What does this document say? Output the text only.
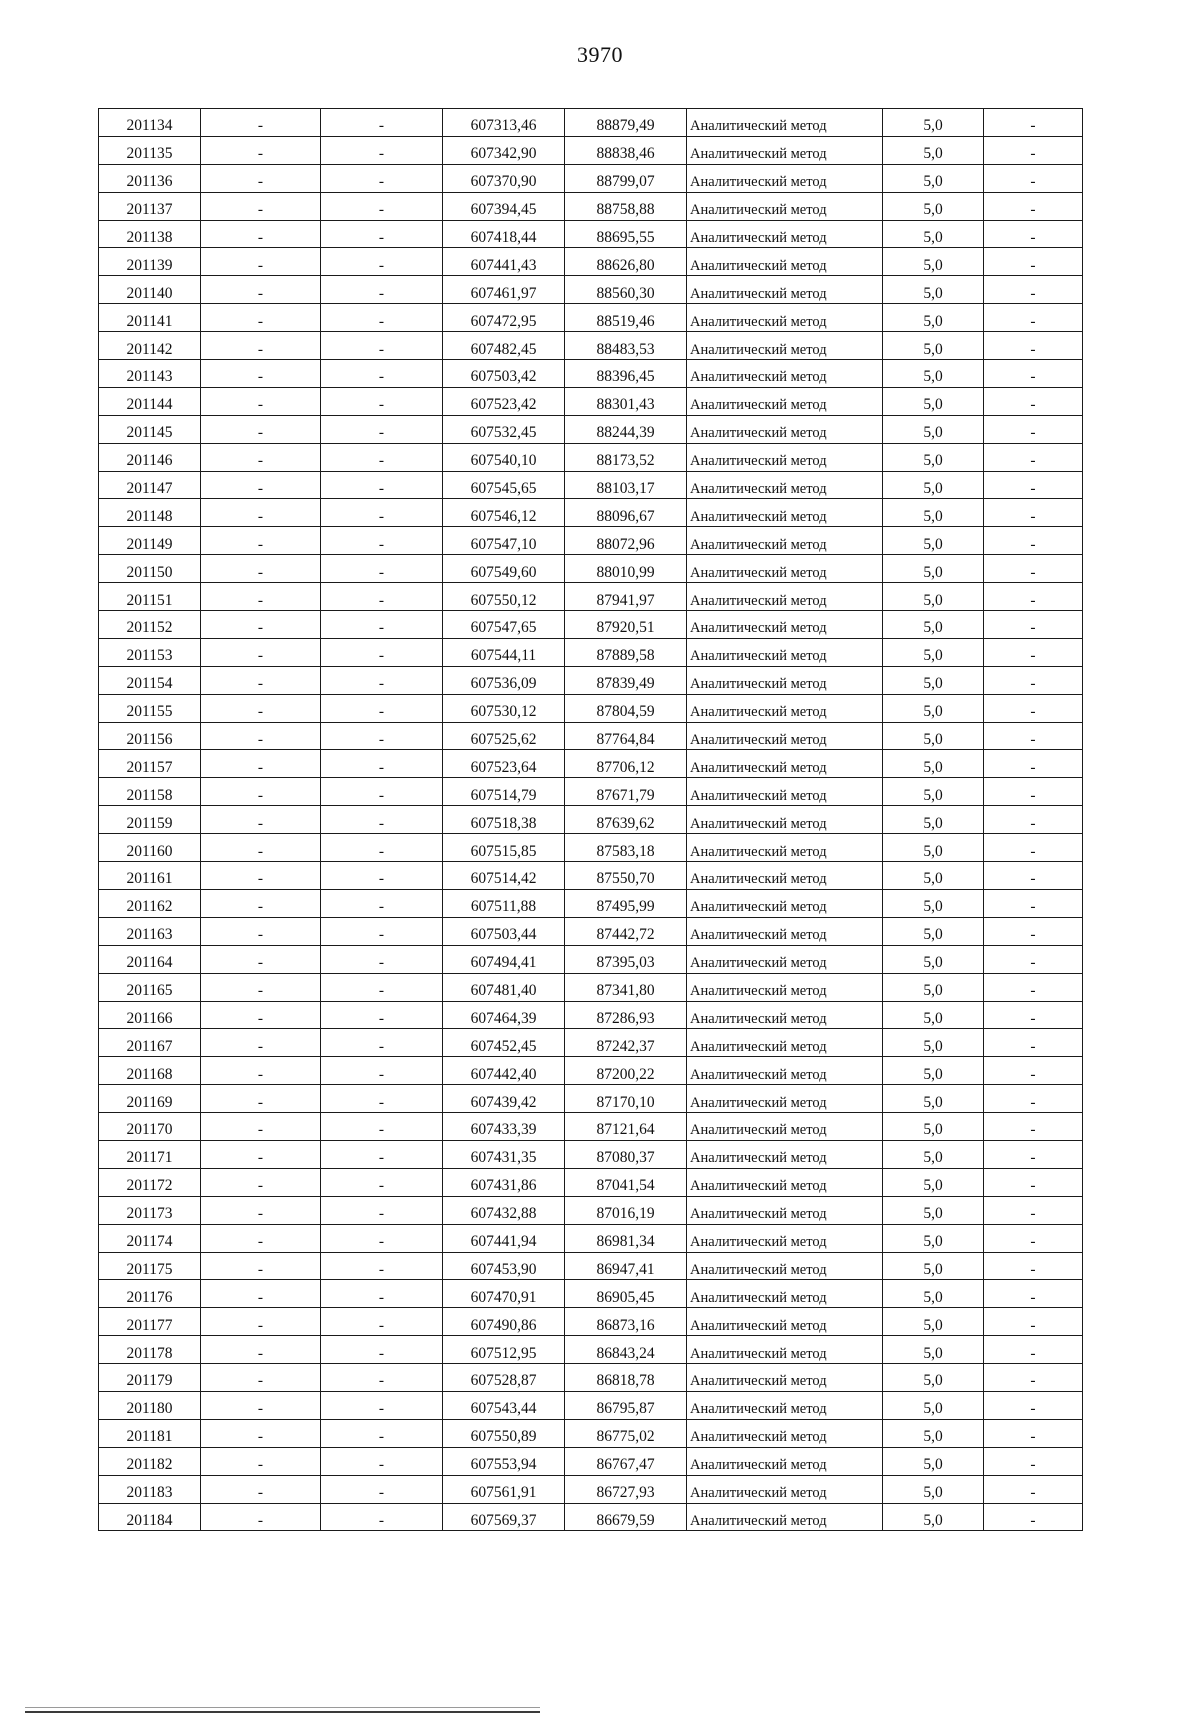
3970
201134	-	-	607313,46	88879,49	Аналитический метод	5,0	-
201135	-	-	607342,90	88838,46	Аналитический метод	5,0	-
201136	-	-	607370,90	88799,07	Аналитический метод	5,0	-
201137	-	-	607394,45	88758,88	Аналитический метод	5,0	-
201138	-	-	607418,44	88695,55	Аналитический метод	5,0	-
201139	-	-	607441,43	88626,80	Аналитический метод	5,0	-
201140	-	-	607461,97	88560,30	Аналитический метод	5,0	-
201141	-	-	607472,95	88519,46	Аналитический метод	5,0	-
201142	-	-	607482,45	88483,53	Аналитический метод	5,0	-
201143	-	-	607503,42	88396,45	Аналитический метод	5,0	-
201144	-	-	607523,42	88301,43	Аналитический метод	5,0	-
201145	-	-	607532,45	88244,39	Аналитический метод	5,0	-
201146	-	-	607540,10	88173,52	Аналитический метод	5,0	-
201147	-	-	607545,65	88103,17	Аналитический метод	5,0	-
201148	-	-	607546,12	88096,67	Аналитический метод	5,0	-
201149	-	-	607547,10	88072,96	Аналитический метод	5,0	-
201150	-	-	607549,60	88010,99	Аналитический метод	5,0	-
201151	-	-	607550,12	87941,97	Аналитический метод	5,0	-
201152	-	-	607547,65	87920,51	Аналитический метод	5,0	-
201153	-	-	607544,11	87889,58	Аналитический метод	5,0	-
201154	-	-	607536,09	87839,49	Аналитический метод	5,0	-
201155	-	-	607530,12	87804,59	Аналитический метод	5,0	-
201156	-	-	607525,62	87764,84	Аналитический метод	5,0	-
201157	-	-	607523,64	87706,12	Аналитический метод	5,0	-
201158	-	-	607514,79	87671,79	Аналитический метод	5,0	-
201159	-	-	607518,38	87639,62	Аналитический метод	5,0	-
201160	-	-	607515,85	87583,18	Аналитический метод	5,0	-
201161	-	-	607514,42	87550,70	Аналитический метод	5,0	-
201162	-	-	607511,88	87495,99	Аналитический метод	5,0	-
201163	-	-	607503,44	87442,72	Аналитический метод	5,0	-
201164	-	-	607494,41	87395,03	Аналитический метод	5,0	-
201165	-	-	607481,40	87341,80	Аналитический метод	5,0	-
201166	-	-	607464,39	87286,93	Аналитический метод	5,0	-
201167	-	-	607452,45	87242,37	Аналитический метод	5,0	-
201168	-	-	607442,40	87200,22	Аналитический метод	5,0	-
201169	-	-	607439,42	87170,10	Аналитический метод	5,0	-
201170	-	-	607433,39	87121,64	Аналитический метод	5,0	-
201171	-	-	607431,35	87080,37	Аналитический метод	5,0	-
201172	-	-	607431,86	87041,54	Аналитический метод	5,0	-
201173	-	-	607432,88	87016,19	Аналитический метод	5,0	-
201174	-	-	607441,94	86981,34	Аналитический метод	5,0	-
201175	-	-	607453,90	86947,41	Аналитический метод	5,0	-
201176	-	-	607470,91	86905,45	Аналитический метод	5,0	-
201177	-	-	607490,86	86873,16	Аналитический метод	5,0	-
201178	-	-	607512,95	86843,24	Аналитический метод	5,0	-
201179	-	-	607528,87	86818,78	Аналитический метод	5,0	-
201180	-	-	607543,44	86795,87	Аналитический метод	5,0	-
201181	-	-	607550,89	86775,02	Аналитический метод	5,0	-
201182	-	-	607553,94	86767,47	Аналитический метод	5,0	-
201183	-	-	607561,91	86727,93	Аналитический метод	5,0	-
201184	-	-	607569,37	86679,59	Аналитический метод	5,0	-
